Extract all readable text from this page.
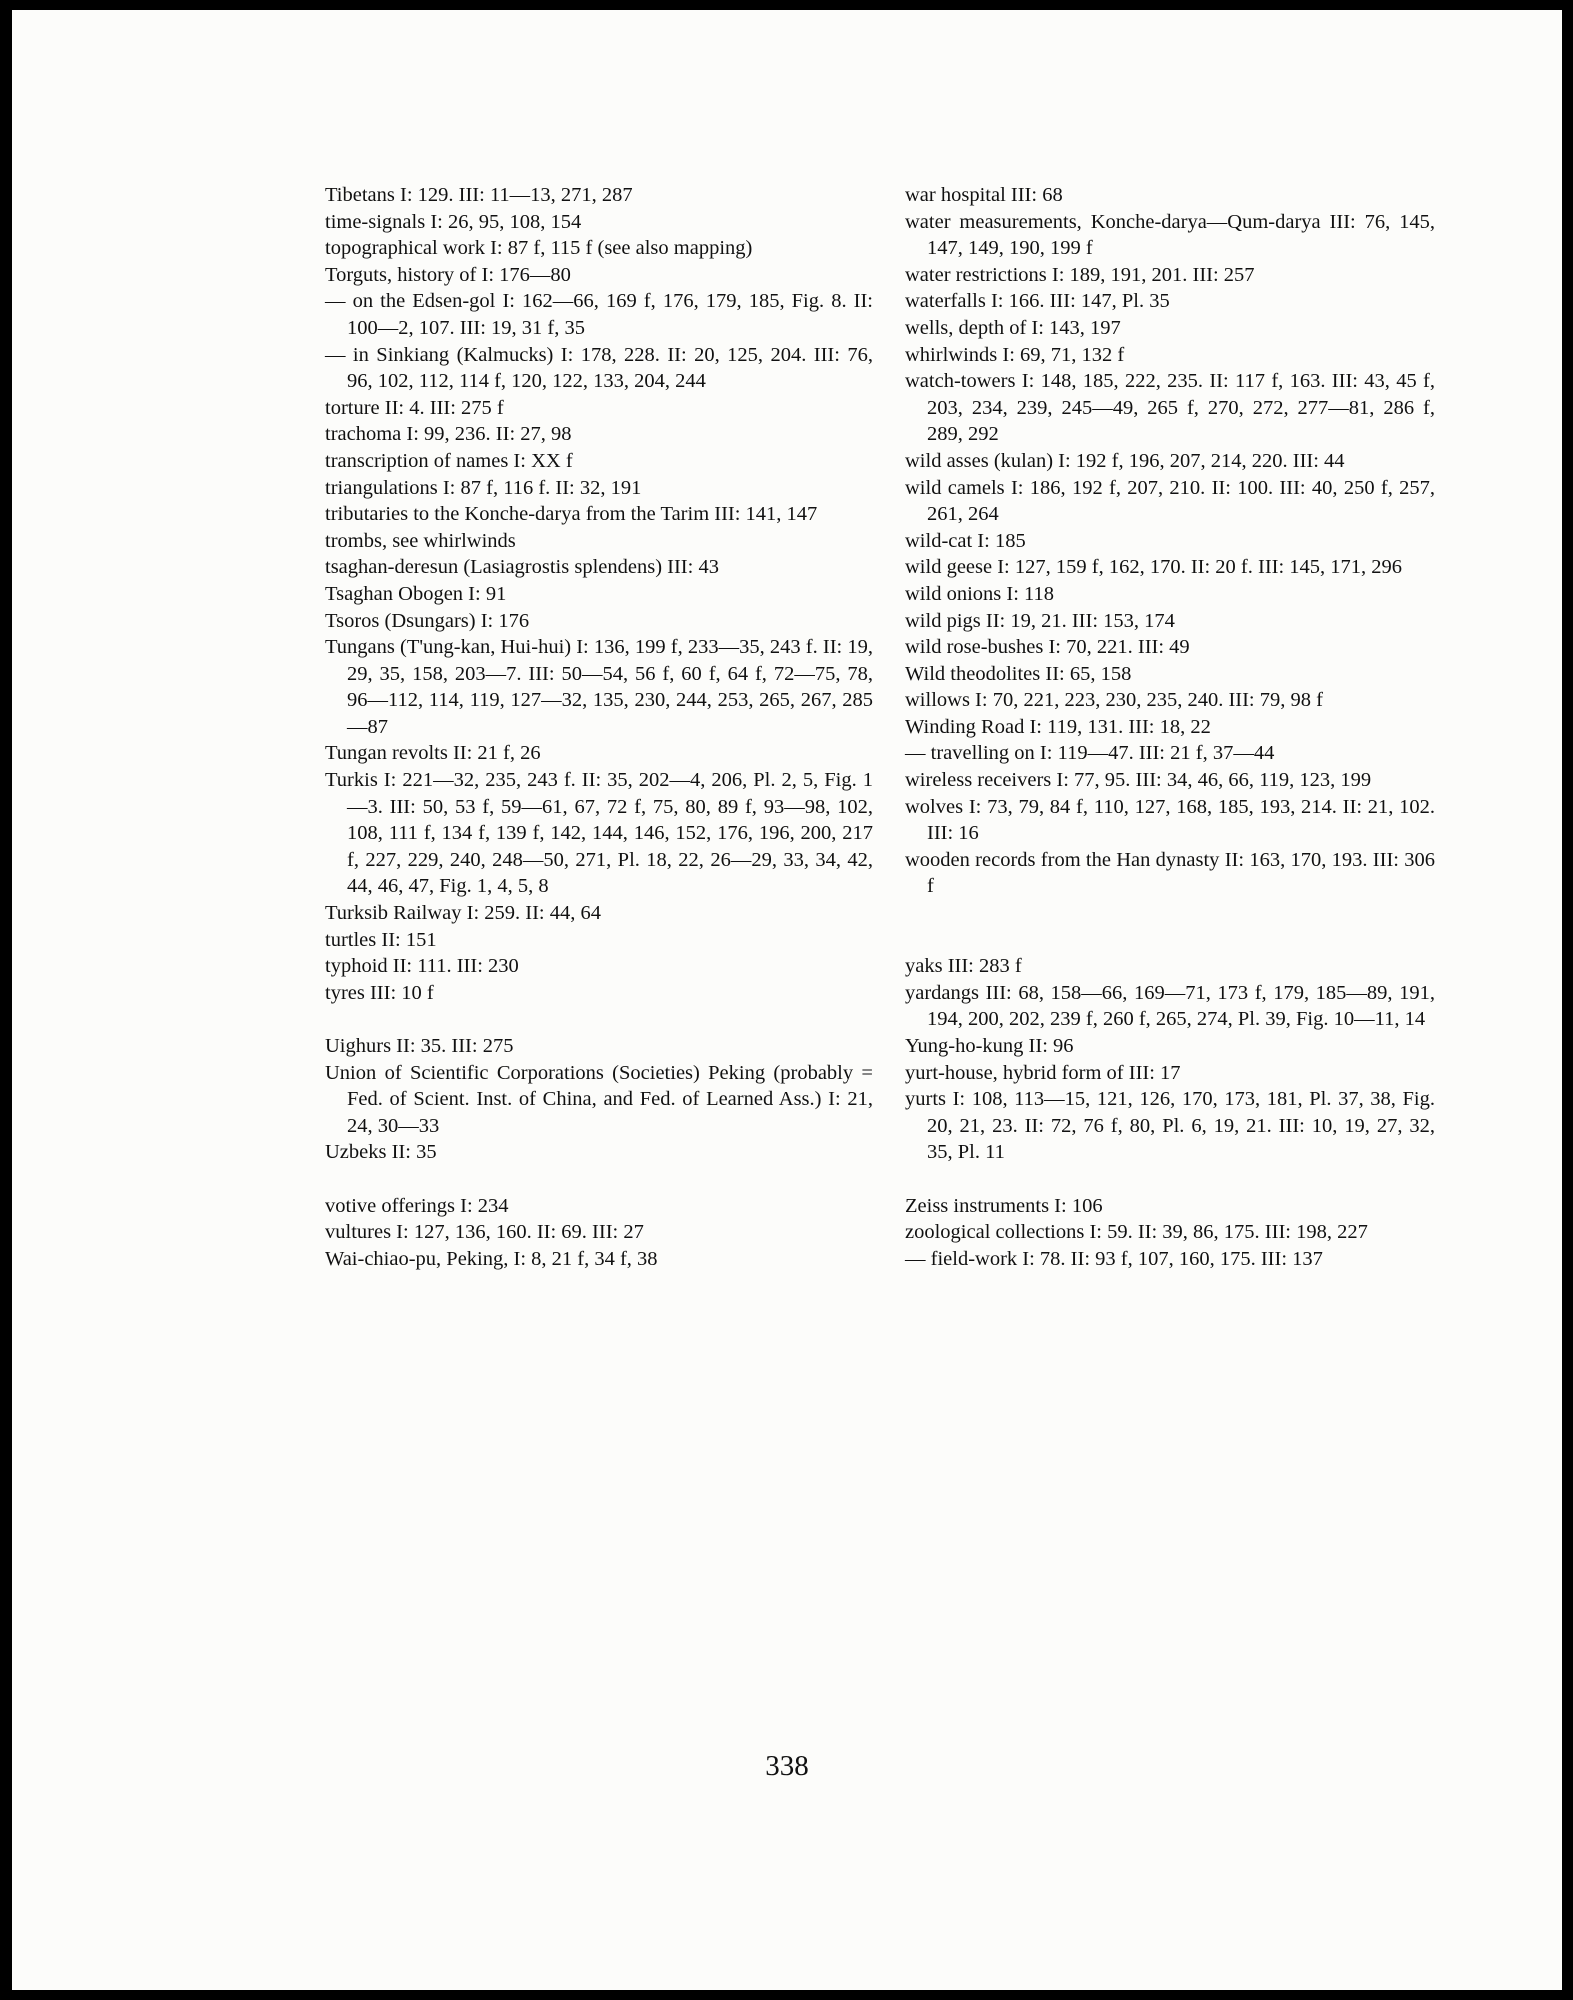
Tibetans I: 129. III: 11—13, 271, 287
time-signals I: 26, 95, 108, 154
topographical work I: 87 f, 115 f (see also mapping)
Torguts, history of I: 176—80
— on the Edsen-gol I: 162—66, 169 f, 176, 179, 185, Fig. 8. II: 100—2, 107. III: 19, 31 f, 35
— in Sinkiang (Kalmucks) I: 178, 228. II: 20, 125, 204. III: 76, 96, 102, 112, 114 f, 120, 122, 133, 204, 244
torture II: 4. III: 275 f
trachoma I: 99, 236. II: 27, 98
transcription of names I: XX f
triangulations I: 87 f, 116 f. II: 32, 191
tributaries to the Konche-darya from the Tarim III: 141, 147
trombs, see whirlwinds
tsaghan-deresun (Lasiagrostis splendens) III: 43
Tsaghan Obogen I: 91
Tsoros (Dsungars) I: 176
Tungans (T'ung-kan, Hui-hui) I: 136, 199 f, 233—35, 243 f. II: 19, 29, 35, 158, 203—7. III: 50—54, 56 f, 60 f, 64 f, 72—75, 78, 96—112, 114, 119, 127—32, 135, 230, 244, 253, 265, 267, 285—87
Tungan revolts II: 21 f, 26
Turkis I: 221—32, 235, 243 f. II: 35, 202—4, 206, Pl. 2, 5, Fig. 1—3. III: 50, 53 f, 59—61, 67, 72 f, 75, 80, 89 f, 93—98, 102, 108, 111 f, 134 f, 139 f, 142, 144, 146, 152, 176, 196, 200, 217 f, 227, 229, 240, 248—50, 271, Pl. 18, 22, 26—29, 33, 34, 42, 44, 46, 47, Fig. 1, 4, 5, 8
Turksib Railway I: 259. II: 44, 64
turtles II: 151
typhoid II: 111. III: 230
tyres III: 10 f
Uighurs II: 35. III: 275
Union of Scientific Corporations (Societies) Peking (probably = Fed. of Scient. Inst. of China, and Fed. of Learned Ass.) I: 21, 24, 30—33
Uzbeks II: 35
votive offerings I: 234
vultures I: 127, 136, 160. II: 69. III: 27
Wai-chiao-pu, Peking, I: 8, 21 f, 34 f, 38
war hospital III: 68
water measurements, Konche-darya—Qum-darya III: 76, 145, 147, 149, 190, 199 f
water restrictions I: 189, 191, 201. III: 257
waterfalls I: 166. III: 147, Pl. 35
wells, depth of I: 143, 197
whirlwinds I: 69, 71, 132 f
watch-towers I: 148, 185, 222, 235. II: 117 f, 163. III: 43, 45 f, 203, 234, 239, 245—49, 265 f, 270, 272, 277—81, 286 f, 289, 292
wild asses (kulan) I: 192 f, 196, 207, 214, 220. III: 44
wild camels I: 186, 192 f, 207, 210. II: 100. III: 40, 250 f, 257, 261, 264
wild-cat I: 185
wild geese I: 127, 159 f, 162, 170. II: 20 f. III: 145, 171, 296
wild onions I: 118
wild pigs II: 19, 21. III: 153, 174
wild rose-bushes I: 70, 221. III: 49
Wild theodolites II: 65, 158
willows I: 70, 221, 223, 230, 235, 240. III: 79, 98 f
Winding Road I: 119, 131. III: 18, 22
— travelling on I: 119—47. III: 21 f, 37—44
wireless receivers I: 77, 95. III: 34, 46, 66, 119, 123, 199
wolves I: 73, 79, 84 f, 110, 127, 168, 185, 193, 214. II: 21, 102. III: 16
wooden records from the Han dynasty II: 163, 170, 193. III: 306 f
yaks III: 283 f
yardangs III: 68, 158—66, 169—71, 173 f, 179, 185—89, 191, 194, 200, 202, 239 f, 260 f, 265, 274, Pl. 39, Fig. 10—11, 14
Yung-ho-kung II: 96
yurt-house, hybrid form of III: 17
yurts I: 108, 113—15, 121, 126, 170, 173, 181, Pl. 37, 38, Fig. 20, 21, 23. II: 72, 76 f, 80, Pl. 6, 19, 21. III: 10, 19, 27, 32, 35, Pl. 11
Zeiss instruments I: 106
zoological collections I: 59. II: 39, 86, 175. III: 198, 227
— field-work I: 78. II: 93 f, 107, 160, 175. III: 137
338
